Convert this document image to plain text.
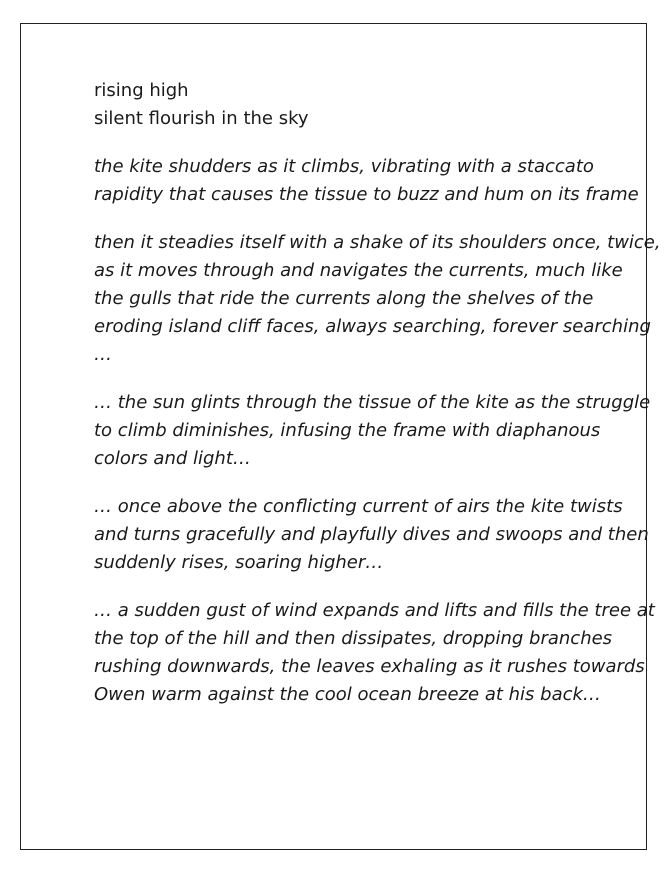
rising high

silent flourish in the sky

the kite shudders as it climbs, vibrating with a staccato
rapidity that causes the tissue to buzz and hum on its frame

then it steadies itself with a shake of its shoulders once, twice,
as it moves through and navigates the currents, much like
the gulls that ride the currents along the shelves of the
eroding island cliff faces, always searching, forever searching
…

… the sun glints through the tissue of the kite as the struggle
to climb diminishes, infusing the frame with diaphanous
colors and light…

… once above the conflicting current of airs the kite twists
and turns gracefully and playfully dives and swoops and then
suddenly rises, soaring higher…

… a sudden gust of wind expands and lifts and fills the tree at
the top of the hill and then dissipates, dropping branches
rushing downwards, the leaves exhaling as it rushes towards
Owen warm against the cool ocean breeze at his back…
